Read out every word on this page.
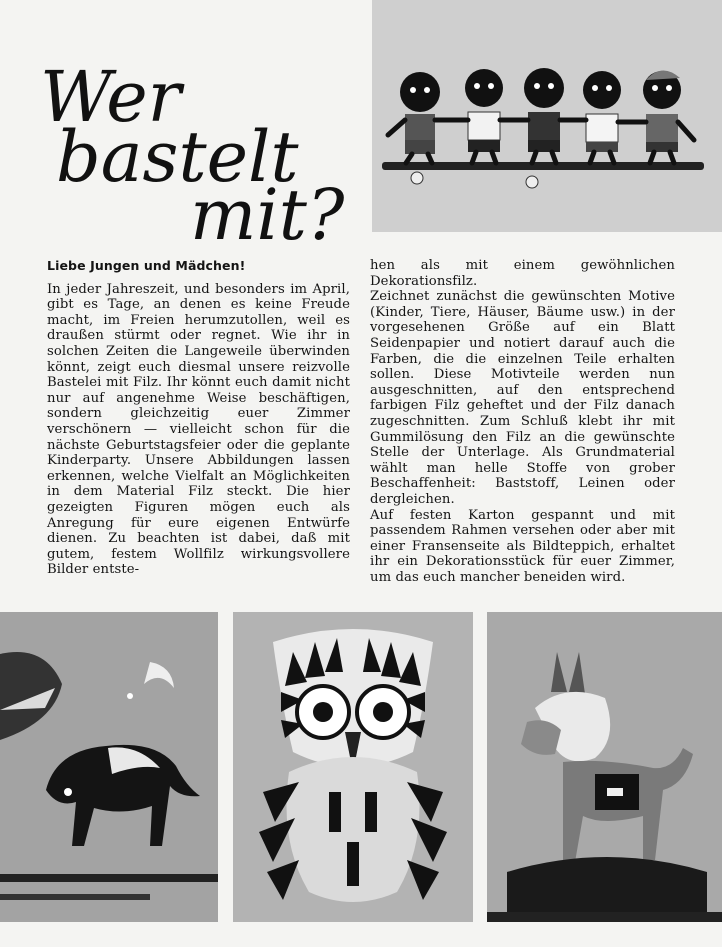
Wer
bastelt
mit?

Liebe Jungen und Mädchen!

In jeder Jahreszeit, und besonders im April, gibt es Tage, an denen es keine Freude macht, im Freien herumzutollen, weil es draußen stürmt oder regnet. Wie ihr in solchen Zeiten die Langeweile überwinden könnt, zeigt euch diesmal unsere reizvolle Bastelei mit Filz. Ihr könnt euch damit nicht nur auf angenehme Weise beschäftigen, sondern gleichzeitig euer Zimmer verschönern — vielleicht schon für die nächste Geburtstagsfeier oder die geplante Kinderparty. Unsere Abbildungen lassen erkennen, welche Vielfalt an Möglichkeiten in dem Material Filz steckt. Die hier gezeigten Figuren mögen euch als Anregung für eure eigenen Entwürfe dienen. Zu beachten ist dabei, daß mit gutem, festem Wollfilz wirkungsvollere Bilder entste-

hen als mit einem gewöhnlichen Dekorationsfilz.

Zeichnet zunächst die gewünschten Motive (Kinder, Tiere, Häuser, Bäume usw.) in der vorgesehenen Größe auf ein Blatt Seidenpapier und notiert darauf auch die Farben, die die einzelnen Teile erhalten sollen. Diese Motivteile werden nun ausgeschnitten, auf den entsprechend farbigen Filz geheftet und der Filz danach zugeschnitten. Zum Schluß klebt ihr mit Gummilösung den Filz an die gewünschte Stelle der Unterlage. Als Grundmaterial wählt man helle Stoffe von grober Beschaffenheit: Baststoff, Leinen oder dergleichen.

Auf festen Karton gespannt und mit passendem Rahmen versehen oder aber mit einer Fransenseite als Bildteppich, erhaltet ihr ein Dekorationsstück für euer Zimmer, um das euch mancher beneiden wird.
